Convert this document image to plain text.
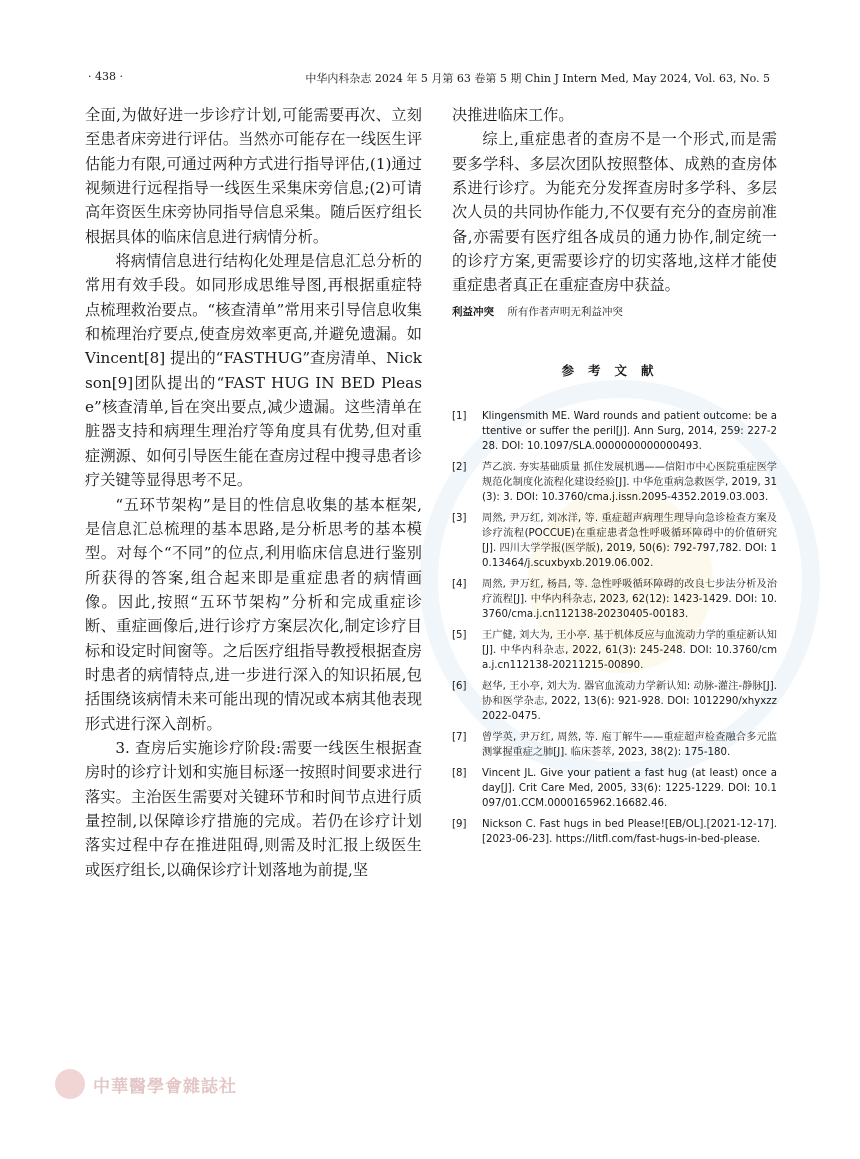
· 438 ·	中华内科杂志 2024 年 5 月第 63 卷第 5 期 Chin J Intern Med, May 2024, Vol. 63, No. 5

全面,为做好进一步诊疗计划,可能需要再次、立刻至患者床旁进行评估。当然亦可能存在一线医生评估能力有限,可通过两种方式进行指导评估,(1)通过视频进行远程指导一线医生采集床旁信息;(2)可请高年资医生床旁协同指导信息采集。随后医疗组长根据具体的临床信息进行病情分析。

将病情信息进行结构化处理是信息汇总分析的常用有效手段。如同形成思维导图,再根据重症特点梳理救治要点。“核查清单”常用来引导信息收集和梳理治疗要点,使查房效率更高,并避免遗漏。如 Vincent[8] 提出的“FASTHUG”查房清单、Nickson[9]团队提出的“FAST HUG IN BED Please”核查清单,旨在突出要点,减少遗漏。这些清单在脏器支持和病理生理治疗等角度具有优势,但对重症溯源、如何引导医生能在查房过程中搜寻患者诊疗关键等显得思考不足。

“五环节架构”是目的性信息收集的基本框架,是信息汇总梳理的基本思路,是分析思考的基本模型。对每个“不同”的位点,利用临床信息进行鉴别所获得的答案,组合起来即是重症患者的病情画像。因此,按照“五环节架构”分析和完成重症诊断、重症画像后,进行诊疗方案层次化,制定诊疗目标和设定时间窗等。之后医疗组指导教授根据查房时患者的病情特点,进一步进行深入的知识拓展,包括围绕该病情未来可能出现的情况或本病其他表现形式进行深入剖析。

3. 查房后实施诊疗阶段:需要一线医生根据查房时的诊疗计划和实施目标逐一按照时间要求进行落实。主治医生需要对关键环节和时间节点进行质量控制,以保障诊疗措施的完成。若仍在诊疗计划落实过程中存在推进阻碍,则需及时汇报上级医生或医疗组长,以确保诊疗计划落地为前提,坚

决推进临床工作。

综上,重症患者的查房不是一个形式,而是需要多学科、多层次团队按照整体、成熟的查房体系进行诊疗。为能充分发挥查房时多学科、多层次人员的共同协作能力,不仅要有充分的查房前准备,亦需要有医疗组各成员的通力协作,制定统一的诊疗方案,更需要诊疗的切实落地,这样才能使重症患者真正在重症查房中获益。

利益冲突 所有作者声明无利益冲突
参考文献
[1]	Klingensmith ME. Ward rounds and patient outcome: be attentive or suffer the peril[J]. Ann Surg, 2014, 259: 227-228. DOI: 10.1097/SLA.0000000000000493.
[2]	芦乙滨. 夯实基础质量 抓住发展机遇——信阳市中心医院重症医学规范化制度化流程化建设经验[J]. 中华危重病急救医学, 2019, 31(3): 3. DOI: 10.3760/cma.j.issn.2095-4352.2019.03.003.
[3]	周然, 尹万红, 刘冰洋, 等. 重症超声病理生理导向急诊检查方案及诊疗流程(POCCUE)在重症患者急性呼吸循环障碍中的价值研究[J]. 四川大学学报(医学版), 2019, 50(6): 792-797,782. DOI: 10.13464/j.scuxbyxb.2019.06.002.
[4]	周然, 尹万红, 杨昌, 等. 急性呼吸循环障碍的改良七步法分析及治疗流程[J]. 中华内科杂志, 2023, 62(12): 1423-1429. DOI: 10.3760/cma.j.cn112138-20230405-00183.
[5]	王广健, 刘大为, 王小亭. 基于机体反应与血流动力学的重症新认知[J]. 中华内科杂志, 2022, 61(3): 245-248. DOI: 10.3760/cma.j.cn112138-20211215-00890.
[6]	赵华, 王小亭, 刘大为. 器官血流动力学新认知: 动脉-灌注-静脉[J]. 协和医学杂志, 2022, 13(6): 921-928. DOI: 1012290/xhyxzz2022-0475.
[7]	曾学英, 尹万红, 周然, 等. 庖丁解牛——重症超声检查融合多元监测掌握重症之肺[J]. 临床荟萃, 2023, 38(2): 175-180.
[8]	Vincent JL. Give your patient a fast hug (at least) once a day[J]. Crit Care Med, 2005, 33(6): 1225-1229. DOI: 10.1097/01.CCM.0000165962.16682.46.
[9]	Nickson C. Fast hugs in bed Please![EB/OL].[2021-12-17]. [2023-06-23]. https://litfl.com/fast-hugs-in-bed-please.
中華醫學會雜誌社
